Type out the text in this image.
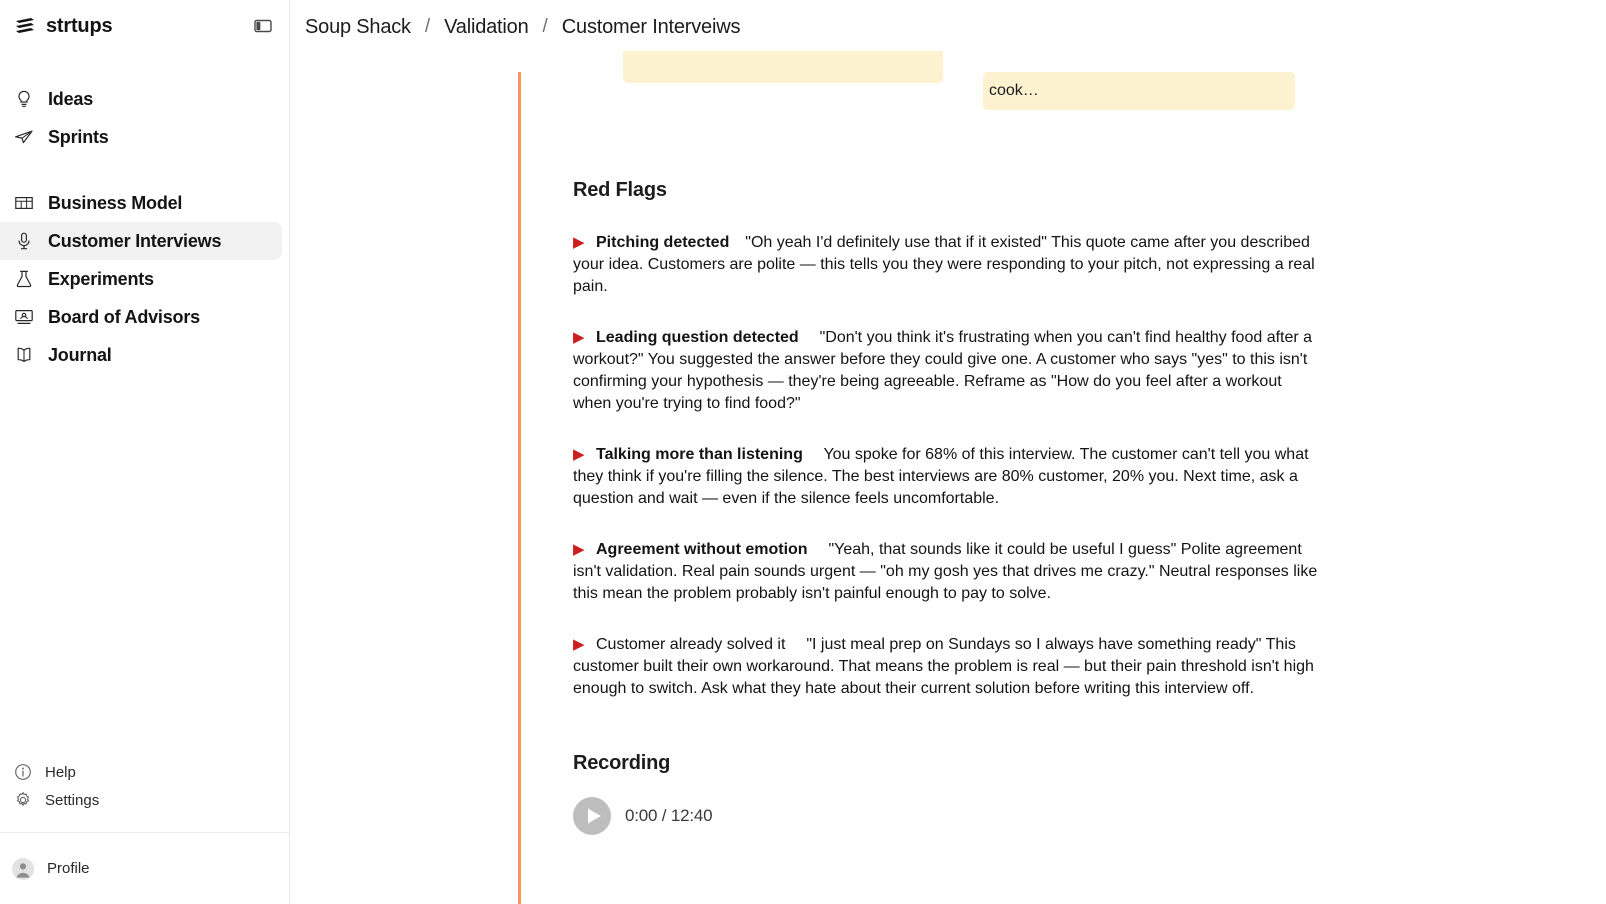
strtups
Ideas
Sprints
Business Model
Customer Interviews
Experiments
Board of Advisors
Journal
Help
Settings
Profile
Soup Shack / Validation / Customer Interveiws
cook…
Red Flags

▶ Pitching detected "Oh yeah I'd definitely use that if it existed" This quote came after you described your idea. Customers are polite — this tells you they were responding to your pitch, not expressing a real pain.

▶ Leading question detected "Don't you think it's frustrating when you can't find healthy food after a workout?" You suggested the answer before they could give one. A customer who says "yes" to this isn't confirming your hypothesis — they're being agreeable. Reframe as "How do you feel after a workout when you're trying to find food?"

▶ Talking more than listening You spoke for 68% of this interview. The customer can't tell you what they think if you're filling the silence. The best interviews are 80% customer, 20% you. Next time, ask a question and wait — even if the silence feels uncomfortable.

▶ Agreement without emotion "Yeah, that sounds like it could be useful I guess" Polite agreement isn't validation. Real pain sounds urgent — "oh my gosh yes that drives me crazy." Neutral responses like this mean the problem probably isn't painful enough to pay to solve.

▶ Customer already solved it "I just meal prep on Sundays so I always have something ready" This customer built their own workaround. That means the problem is real — but their pain threshold isn't high enough to switch. Ask what they hate about their current solution before writing this interview off.

Recording
0:00 / 12:40
